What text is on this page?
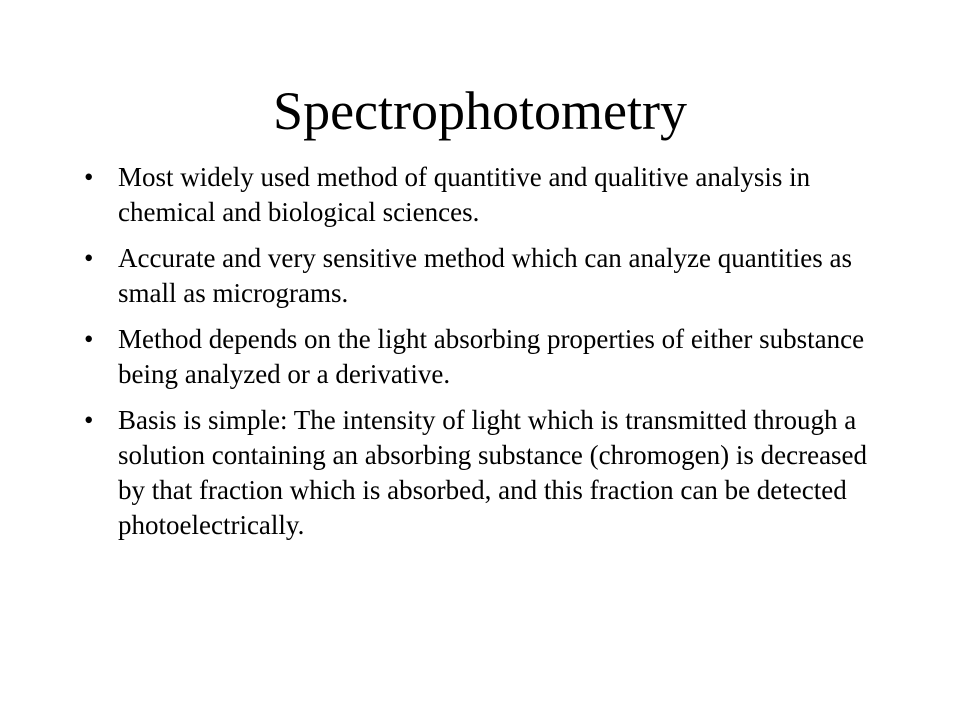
Spectrophotometry
• Most widely used method of quantitive and qualitive analysis in chemical and biological sciences.
• Accurate and very sensitive method which can analyze quantities as small as micrograms.
• Method depends on the light absorbing properties of either substance being analyzed or a derivative.
• Basis is simple: The intensity of light which is transmitted through a solution containing an absorbing substance (chromogen) is decreased by that fraction which is absorbed, and this fraction can be detected photoelectrically.
